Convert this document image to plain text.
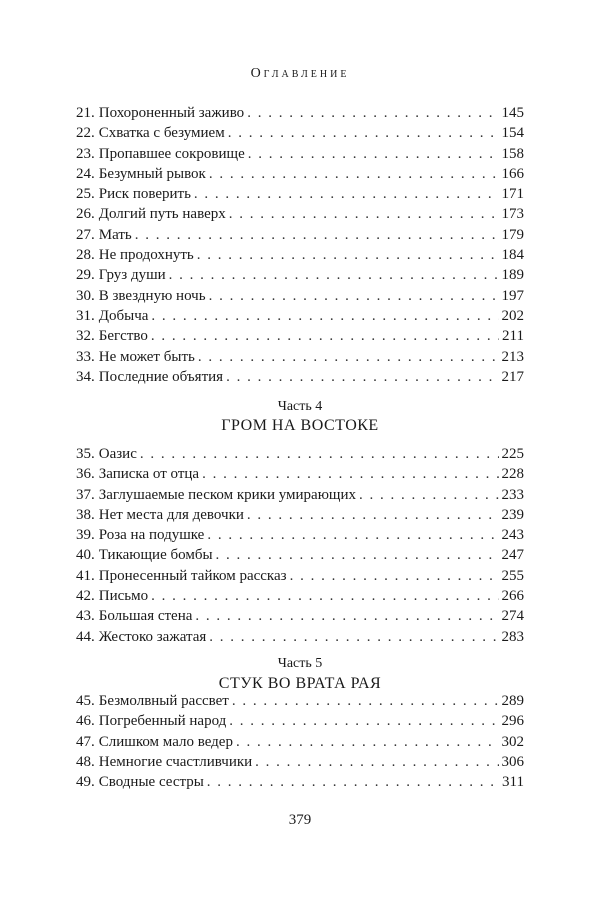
Оглавление
21. Похороненный заживо . . .	145
22. Схватка с безумием . . .	154
23. Пропавшее сокровище . . .	158
24. Безумный рывок . . .	166
25. Риск поверить . . .	171
26. Долгий путь наверх . . .	173
27. Мать . . .	179
28. Не продохнуть . . .	184
29. Груз души . . .	189
30. В звездную ночь . . .	197
31. Добыча . . .	202
32. Бегство . . .	211
33. Не может быть . . .	213
34. Последние объятия . . .	217
Часть 4
ГРОМ НА ВОСТОКЕ
35. Оазис . . .	225
36. Записка от отца . . .	228
37. Заглушаемые песком крики умирающих . . .	233
38. Нет места для девочки . . .	239
39. Роза на подушке . . .	243
40. Тикающие бомбы . . .	247
41. Пронесенный тайком рассказ . . .	255
42. Письмо . . .	266
43. Большая стена . . .	274
44. Жестоко зажатая . . .	283
Часть 5
СТУК ВО ВРАТА РАЯ
45. Безмолвный рассвет . . .	289
46. Погребенный народ . . .	296
47. Слишком мало ведер . . .	302
48. Немногие счастливчики . . .	306
49. Сводные сестры . . .	311
379
